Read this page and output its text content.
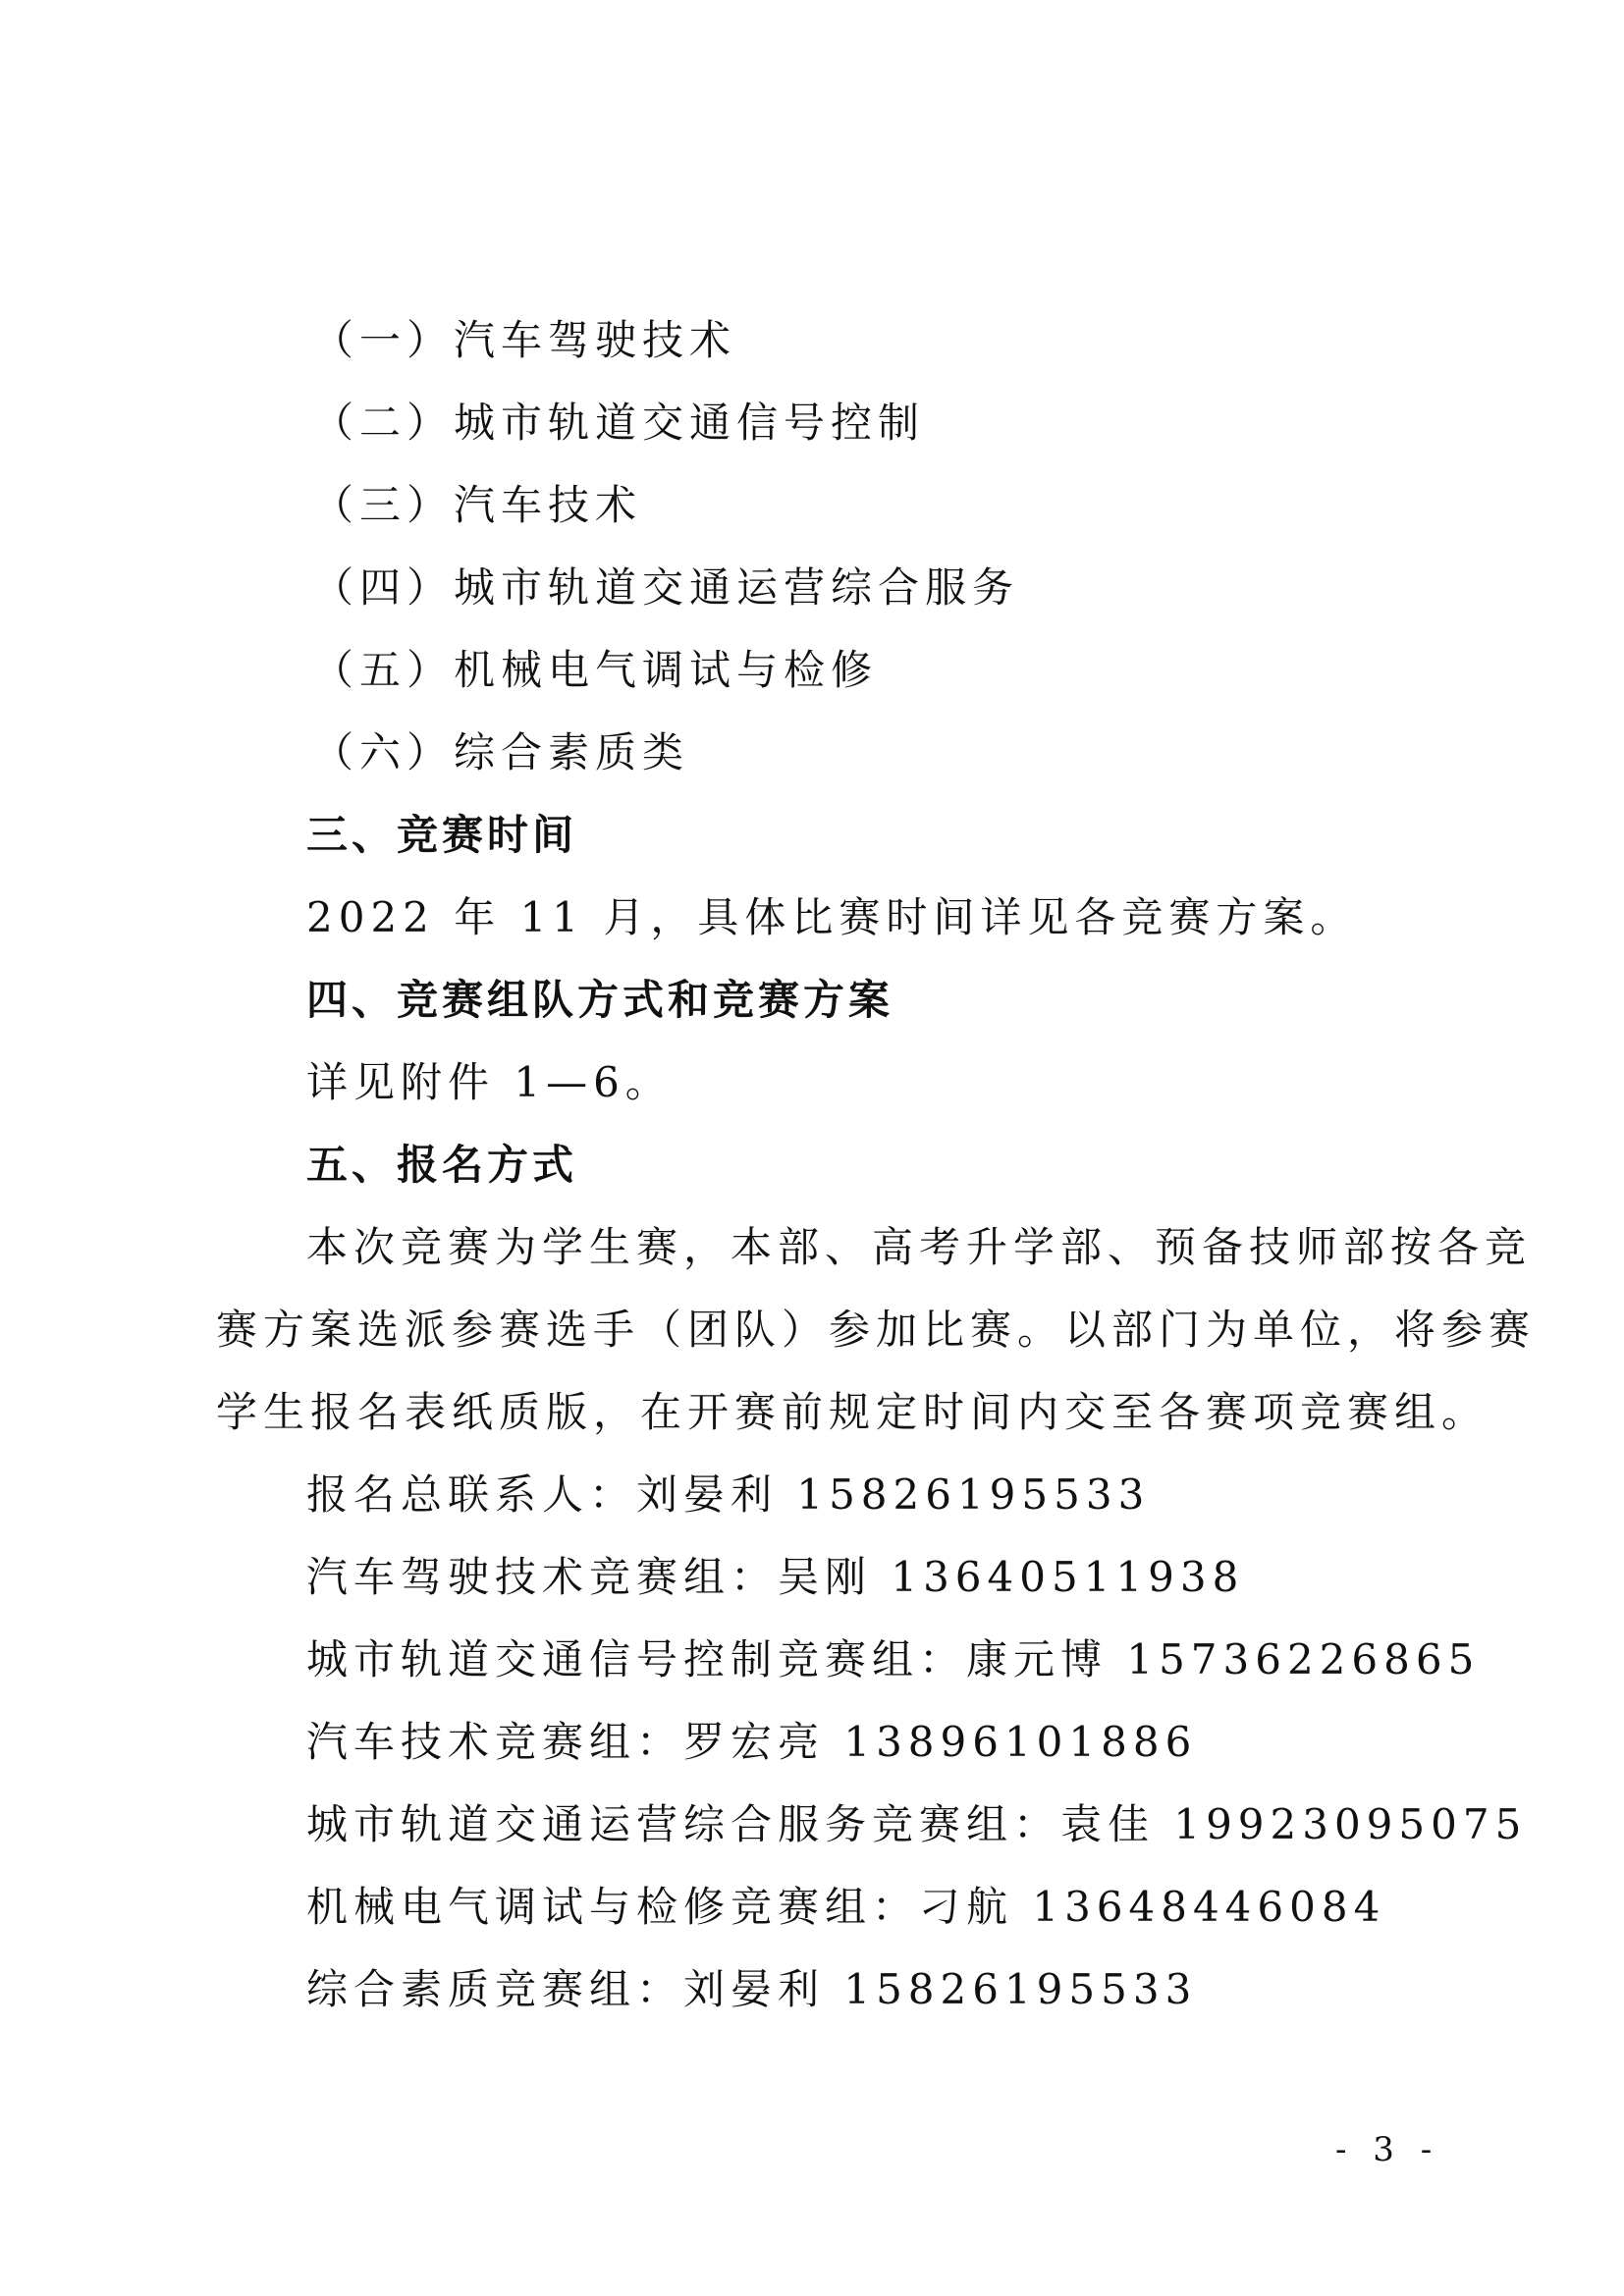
（一）汽车驾驶技术
（二）城市轨道交通信号控制
（三）汽车技术
（四）城市轨道交通运营综合服务
（五）机械电气调试与检修
（六）综合素质类
三、竞赛时间
2022 年 11 月，具体比赛时间详见各竞赛方案。
四、竞赛组队方式和竞赛方案
详见附件 1—6。
五、报名方式
本次竞赛为学生赛，本部、高考升学部、预备技师部按各竞
赛方案选派参赛选手（团队）参加比赛。以部门为单位，将参赛
学生报名表纸质版，在开赛前规定时间内交至各赛项竞赛组。
报名总联系人：刘晏利 15826195533
汽车驾驶技术竞赛组：吴刚 13640511938
城市轨道交通信号控制竞赛组：康元博 15736226865
汽车技术竞赛组：罗宏亮 13896101886
城市轨道交通运营综合服务竞赛组：袁佳 19923095075
机械电气调试与检修竞赛组：刁航 13648446084
综合素质竞赛组：刘晏利 15826195533
- 3 -
